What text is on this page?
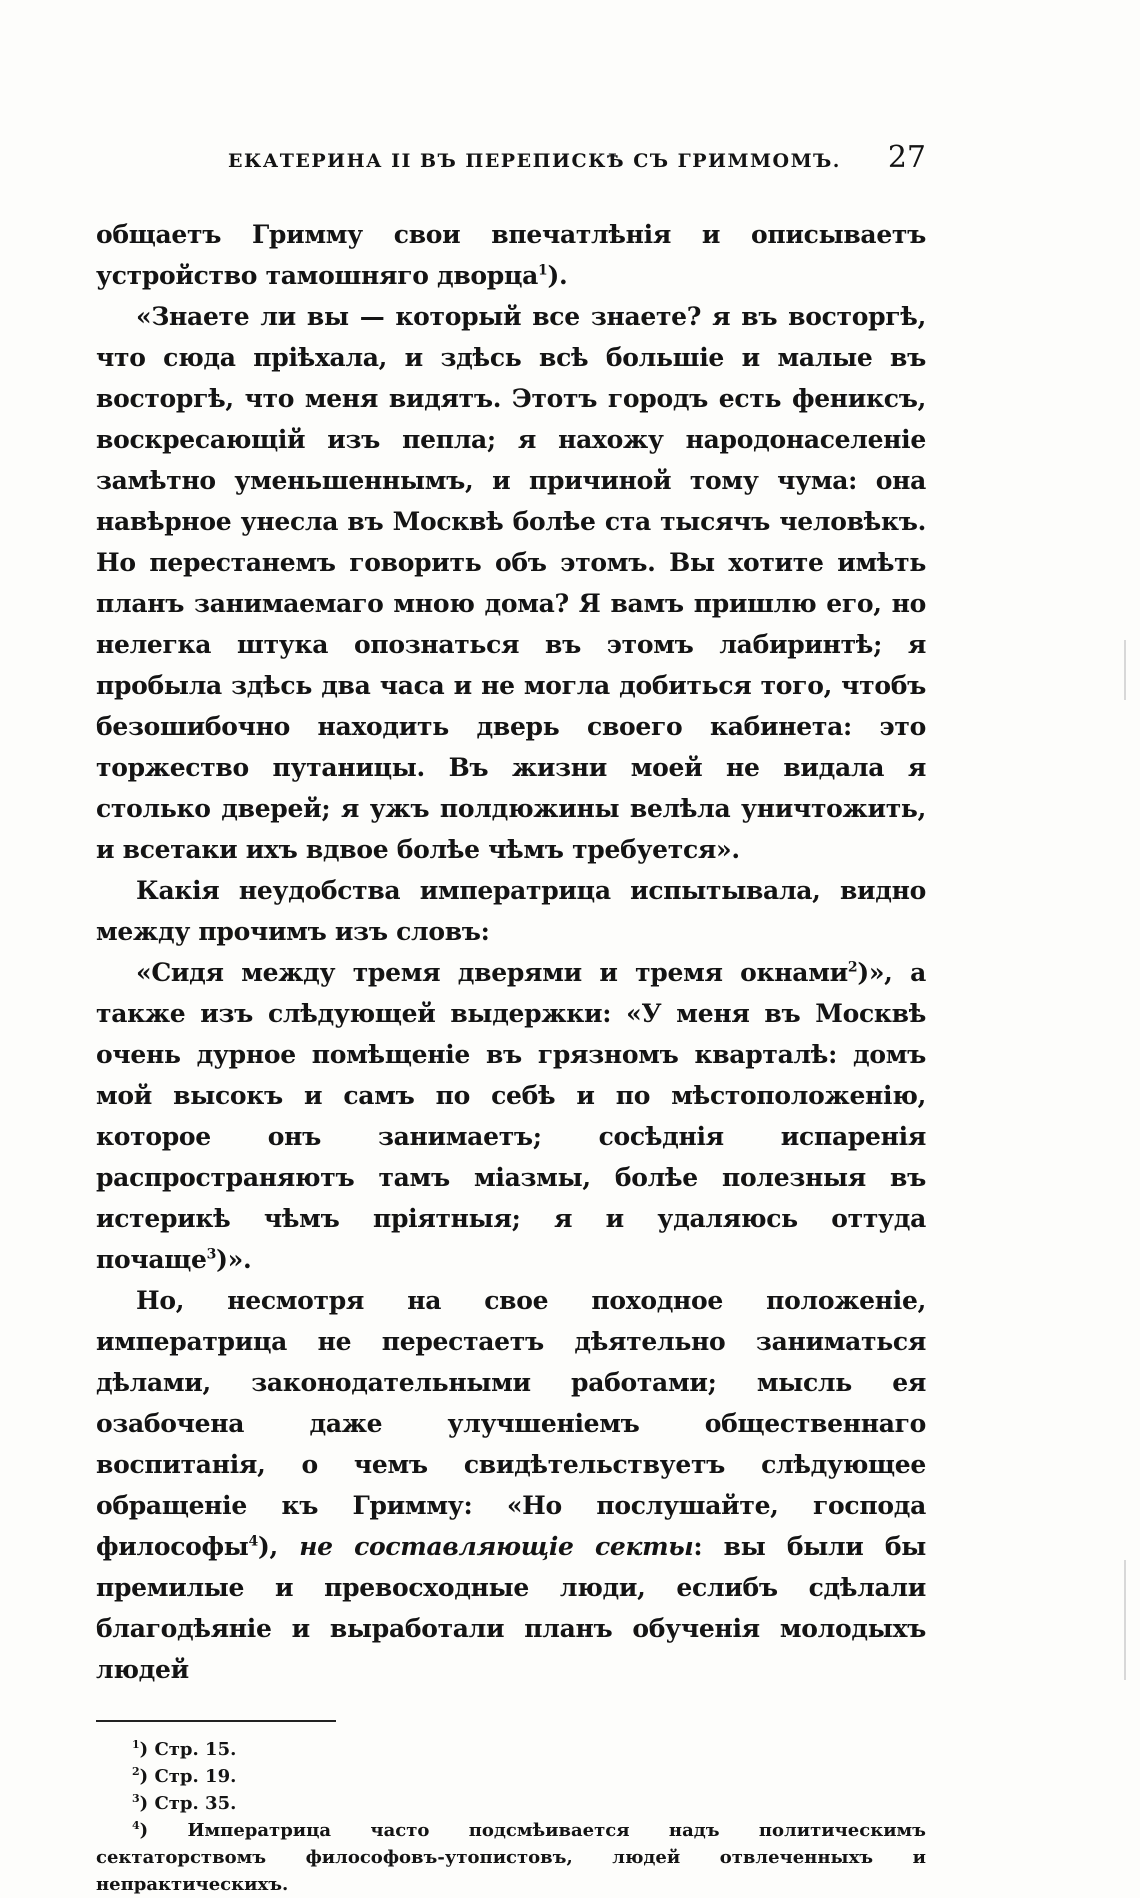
ЕКАТЕРИНА II ВЪ ПЕРЕПИСКѢ СЪ ГРИММОМЪ. 27

общаетъ Гримму свои впечатлѣнія и описываетъ устройство тамошняго дворца$^1$).

«Знаете ли вы — который все знаете? я въ восторгѣ, что сюда пріѣхала, и здѣсь всѣ большіе и малые въ восторгѣ, что меня видятъ. Этотъ городъ есть фениксъ, воскресающій изъ пепла; я нахожу народонаселеніе замѣтно уменьшеннымъ, и причиной тому чума: она навѣрное унесла въ Москвѣ болѣе ста тысячъ человѣкъ. Но перестанемъ говорить объ этомъ. Вы хотите имѣть планъ занимаемаго мною дома? Я вамъ пришлю его, но нелегка штука опознаться въ этомъ лабиринтѣ; я пробыла здѣсь два часа и не могла добиться того, чтобъ безошибочно находить дверь своего кабинета: это торжество путаницы. Въ жизни моей не видала я столько дверей; я ужъ полдюжины велѣла уничтожить, и всетаки ихъ вдвое болѣе чѣмъ требуется».

Какія неудобства императрица испытывала, видно между прочимъ изъ словъ:

«Сидя между тремя дверями и тремя окнами$^2$)», а также изъ слѣдующей выдержки: «У меня въ Москвѣ очень дурное помѣщеніе въ грязномъ кварталѣ: домъ мой высокъ и самъ по себѣ и по мѣстоположенію, которое онъ занимаетъ; сосѣднія испаренія распространяютъ тамъ міазмы, болѣе полезныя въ истерикѣ чѣмъ пріятныя; я и удаляюсь оттуда почаще$^3$)».

Но, несмотря на свое походное положеніе, императрица не перестаетъ дѣятельно заниматься дѣлами, законодательными работами; мысль ея озабочена даже улучшеніемъ общественнаго воспитанія, о чемъ свидѣтельствуетъ слѣдующее обращеніе къ Гримму: «Но послушайте, господа философы$^4$), не составляющіе секты: вы были бы премилые и превосходные люди, еслибъ сдѣлали благодѣяніе и выработали планъ обученія молодыхъ людей

$^1$) Стр. 15.

$^2$) Стр. 19.

$^3$) Стр. 35.

$^4$) Императрица часто подсмѣивается надъ политическимъ сектаторствомъ философовъ-утопистовъ, людей отвлеченныхъ и непрактическихъ.
